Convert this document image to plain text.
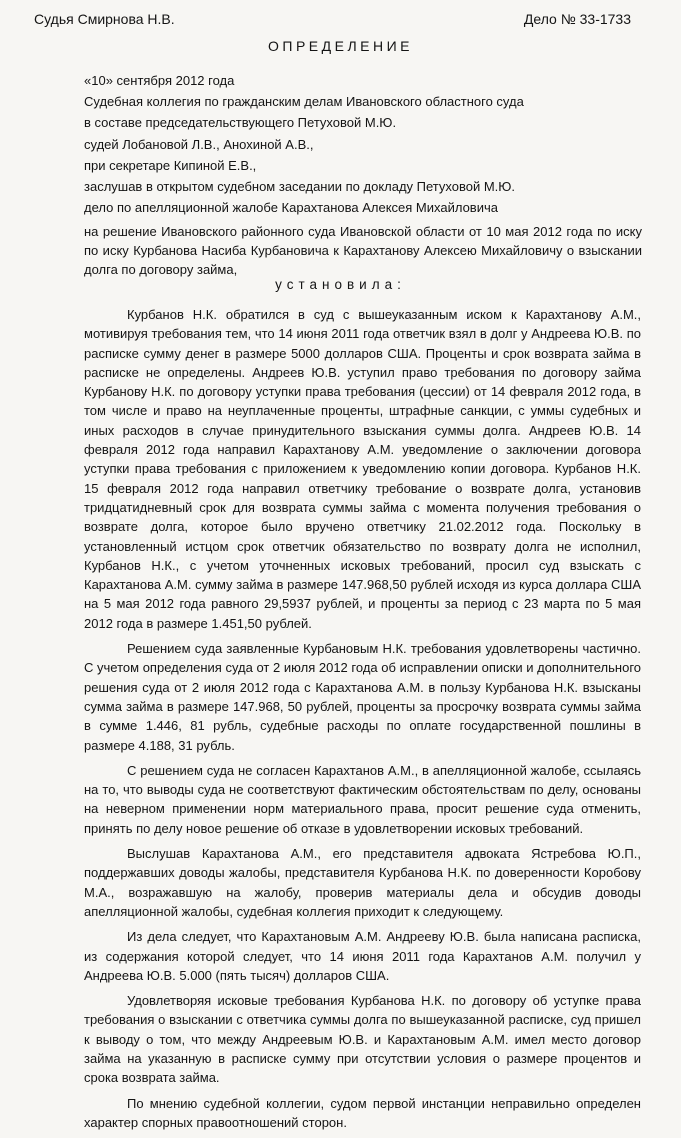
Судья Смирнова Н.В.	Дело № 33-1733
ОПРЕДЕЛЕНИЕ
«10» сентября 2012 года
Судебная коллегия по гражданским делам Ивановского областного суда
в составе председательствующего Петуховой М.Ю.
судей Лобановой Л.В., Анохиной А.В.,
при секретаре Кипиной Е.В.,
заслушав в открытом судебном заседании по докладу Петуховой М.Ю.
дело по апелляционной жалобе Карахтанова Алексея Михайловича
на решение Ивановского районного суда Ивановской области от 10 мая 2012 года по иску по иску Курбанова Насиба Курбановича к Карахтанову Алексею Михайловичу о взыскании долга по договору займа,
установила:

Курбанов Н.К. обратился в суд с вышеуказанным иском к Карахтанову А.М., мотивируя требования тем, что 14 июня 2011 года ответчик взял в долг у Андреева Ю.В. по расписке сумму денег в размере 5000 долларов США. Проценты и срок возврата займа в расписке не определены. Андреев Ю.В. уступил право требования по договору займа Курбанову Н.К. по договору уступки права требования (цессии) от 14 февраля 2012 года, в том числе и право на неуплаченные проценты, штрафные санкции, с уммы судебных и иных расходов в случае принудительного взыскания суммы долга. Андреев Ю.В. 14 февраля 2012 года направил Карахтанову А.М. уведомление о заключении договора уступки права требования с приложением к уведомлению копии договора. Курбанов Н.К. 15 февраля 2012 года направил ответчику требование о возврате долга, установив тридцатидневный срок для возврата суммы займа с момента получения требования о возврате долга, которое было вручено ответчику 21.02.2012 года. Поскольку в установленный истцом срок ответчик обязательство по возврату долга не исполнил, Курбанов Н.К., с учетом уточненных исковых требований, просил суд взыскать с Карахтанова А.М. сумму займа в размере 147.968,50 рублей исходя из курса доллара США на 5 мая 2012 года равного 29,5937 рублей, и проценты за период с 23 марта по 5 мая 2012 года в размере 1.451,50 рублей.

Решением суда заявленные Курбановым Н.К. требования удовлетворены частично. С учетом определения суда от 2 июля 2012 года об исправлении описки и дополнительного решения суда от 2 июля 2012 года с Карахтанова А.М. в пользу Курбанова Н.К. взысканы сумма займа в размере 147.968, 50 рублей, проценты за просрочку возврата суммы займа в сумме 1.446, 81 рубль, судебные расходы по оплате государственной пошлины в размере 4.188, 31 рубль.

С решением суда не согласен Карахтанов А.М., в апелляционной жалобе, ссылаясь на то, что выводы суда не соответствуют фактическим обстоятельствам по делу, основаны на неверном применении норм материального права, просит решение суда отменить, принять по делу новое решение об отказе в удовлетворении исковых требований.

Выслушав Карахтанова А.М., его представителя адвоката Ястребова Ю.П., поддержавших доводы жалобы, представителя Курбанова Н.К. по доверенности Коробову М.А., возражавшую на жалобу, проверив материалы дела и обсудив доводы апелляционной жалобы, судебная коллегия приходит к следующему.

Из дела следует, что Карахтановым А.М. Андрееву Ю.В. была написана расписка, из содержания которой следует, что 14 июня 2011 года Карахтанов А.М. получил у Андреева Ю.В. 5.000 (пять тысяч) долларов США.

Удовлетворяя исковые требования Курбанова Н.К. по договору об уступке права требования о взыскании с ответчика суммы долга по вышеуказанной расписке, суд пришел к выводу о том, что между Андреевым Ю.В. и Карахтановым А.М. имел место договор займа на указанную в расписке сумму при отсутствии условия о размере процентов и срока возврата займа.

По мнению судебной коллегии, судом первой инстанции неправильно определен характер спорных правоотношений сторон.
